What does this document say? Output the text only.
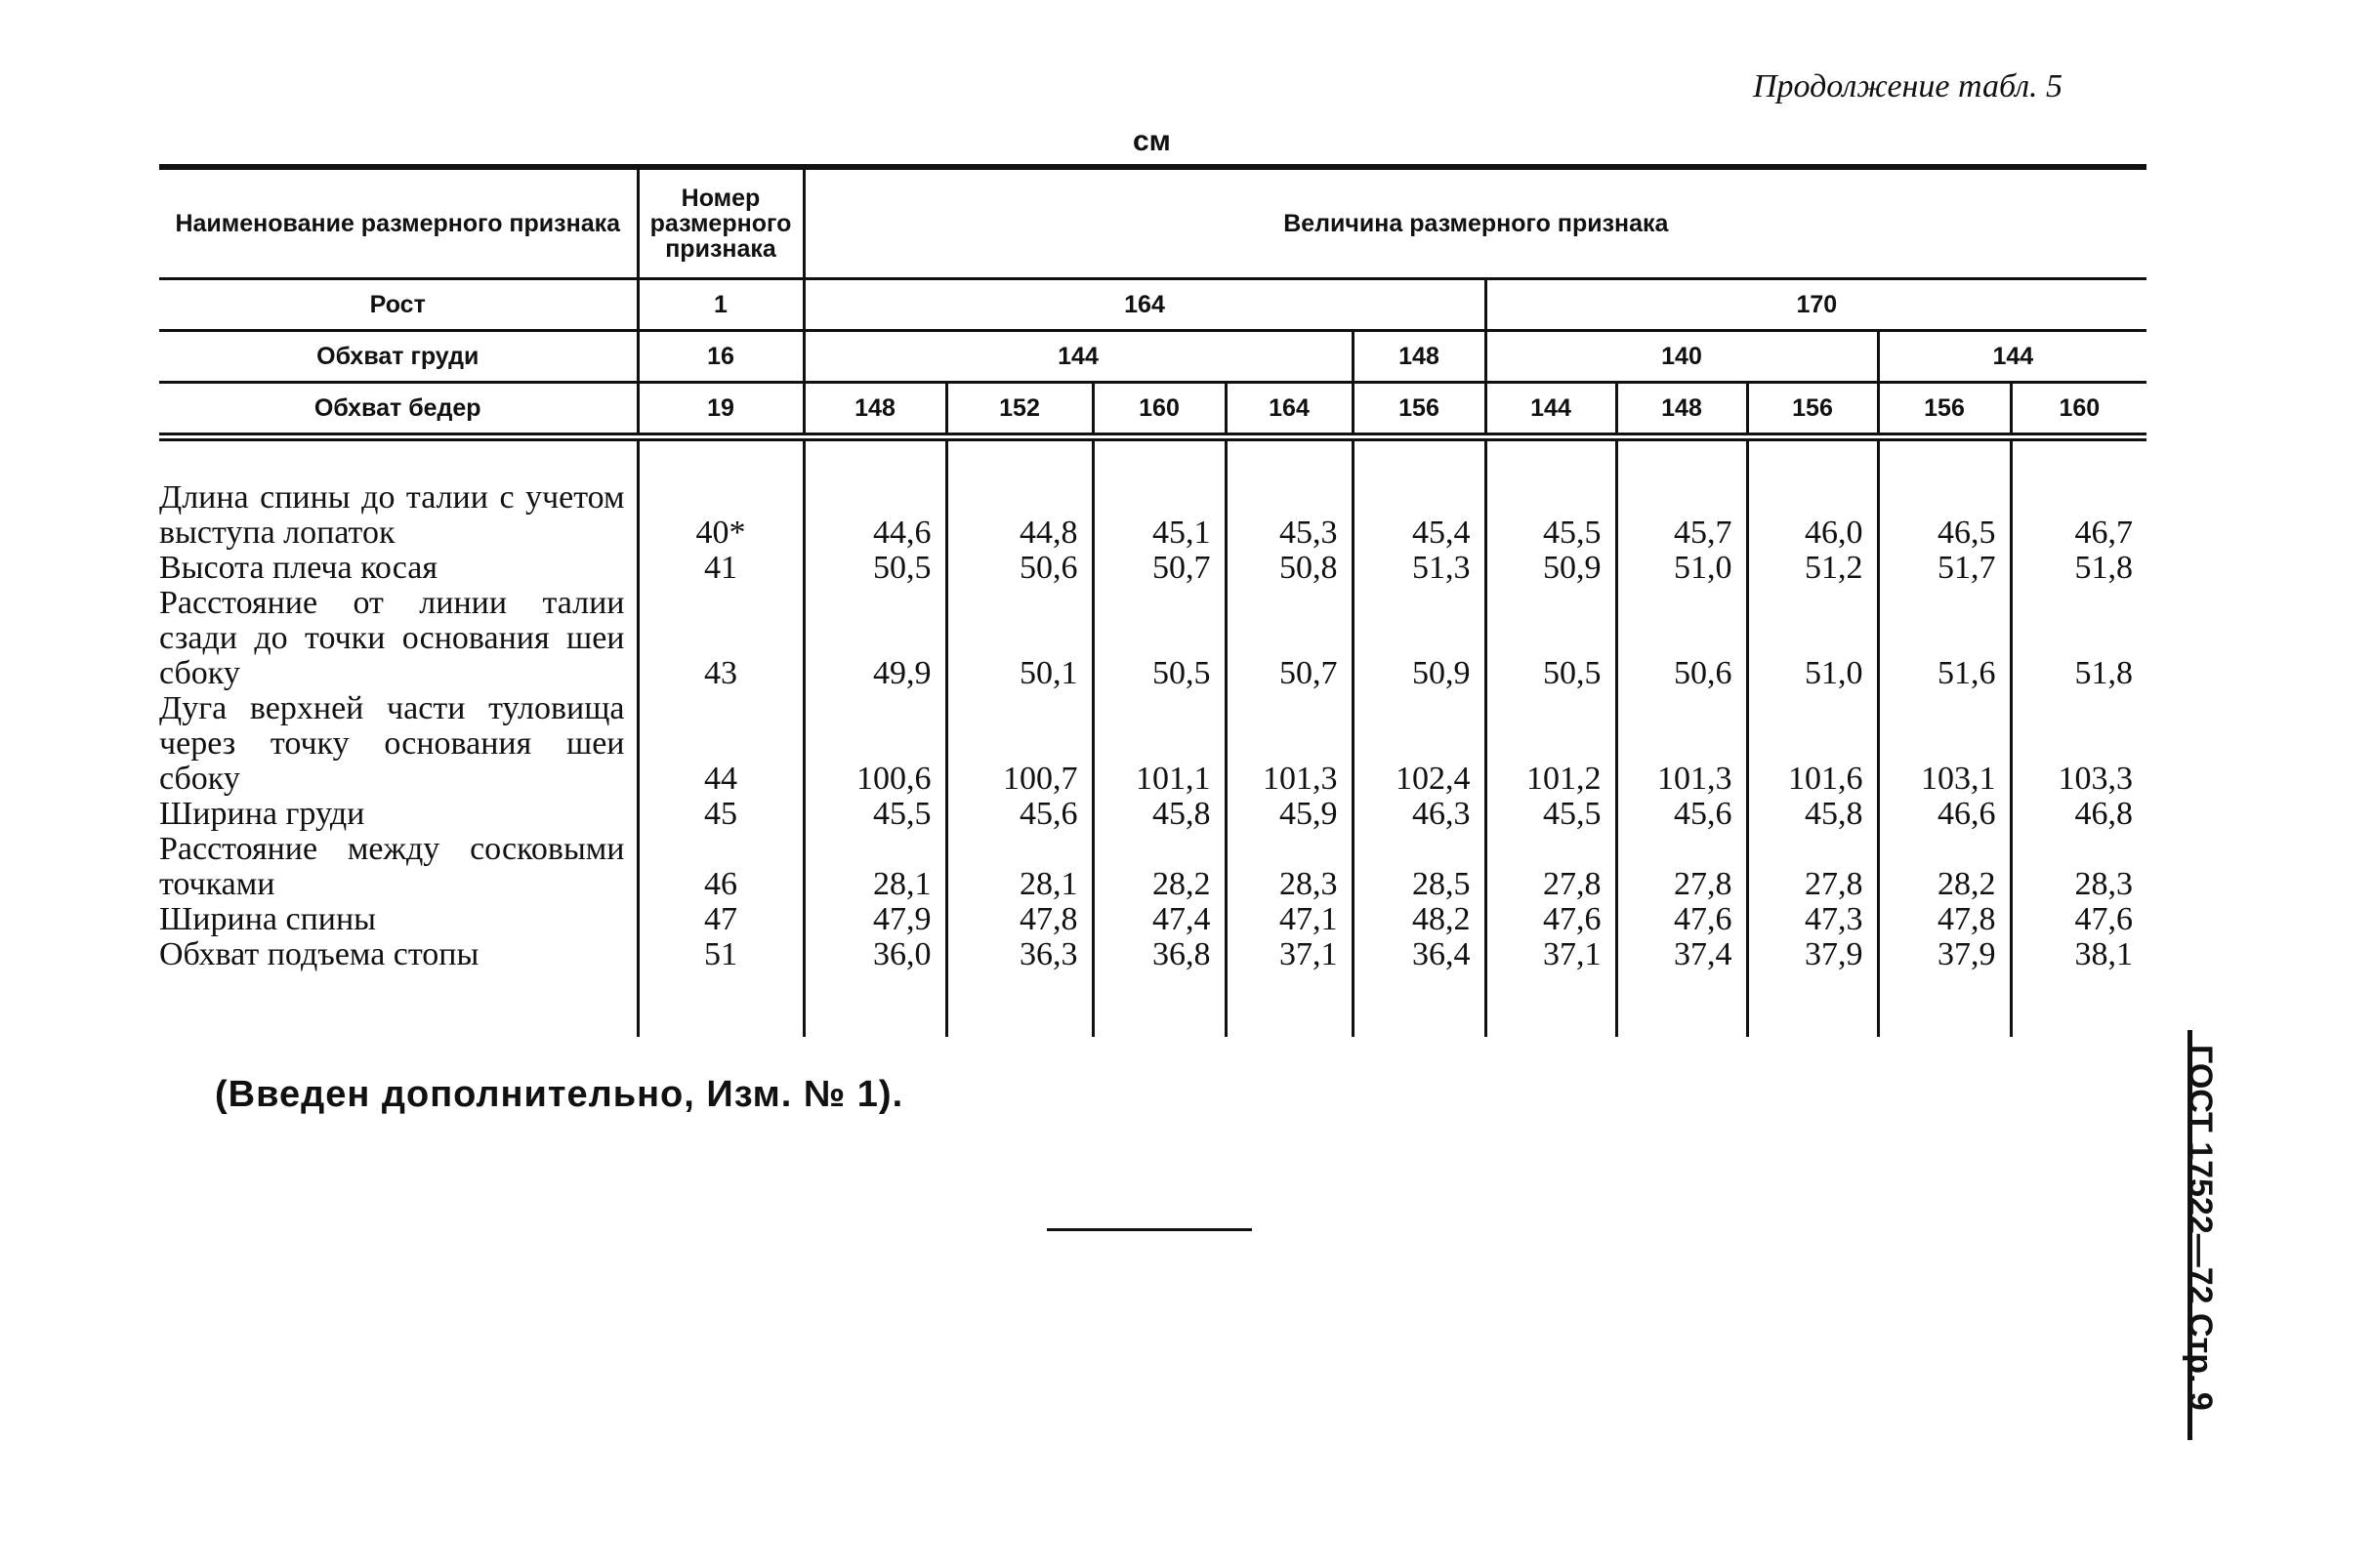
Продолжение табл. 5
см
Наименование размерного признака	Номер размерного признака	Величина размерного признака									
Рост	1	164					170				
Обхват груди	16	144				148	140			144	
Обхват бедер	19	148	152	160	164	156	144	148	156	156	160

Длина спины до талии с учетом выступа лопаток	40*	44,6	44,8	45,1	45,3	45,4	45,5	45,7	46,0	46,5	46,7
Высота плеча косая	41	50,5	50,6	50,7	50,8	51,3	50,9	51,0	51,2	51,7	51,8
Расстояние от линии талии сзади до точки основания шеи сбоку	43	49,9	50,1	50,5	50,7	50,9	50,5	50,6	51,0	51,6	51,8
Дуга верхней части туловища через точку основания шеи сбоку	44	100,6	100,7	101,1	101,3	102,4	101,2	101,3	101,6	103,1	103,3
Ширина груди	45	45,5	45,6	45,8	45,9	46,3	45,5	45,6	45,8	46,6	46,8
Расстояние между сосковыми точками	46	28,1	28,1	28,2	28,3	28,5	27,8	27,8	27,8	28,2	28,3
Ширина спины	47	47,9	47,8	47,4	47,1	48,2	47,6	47,6	47,3	47,8	47,6
Обхват подъема стопы	51	36,0	36,3	36,8	37,1	36,4	37,1	37,4	37,9	37,9	38,1

(Введен дополнительно, Изм. № 1).	ГОСТ 17522—72 Стр. 9
